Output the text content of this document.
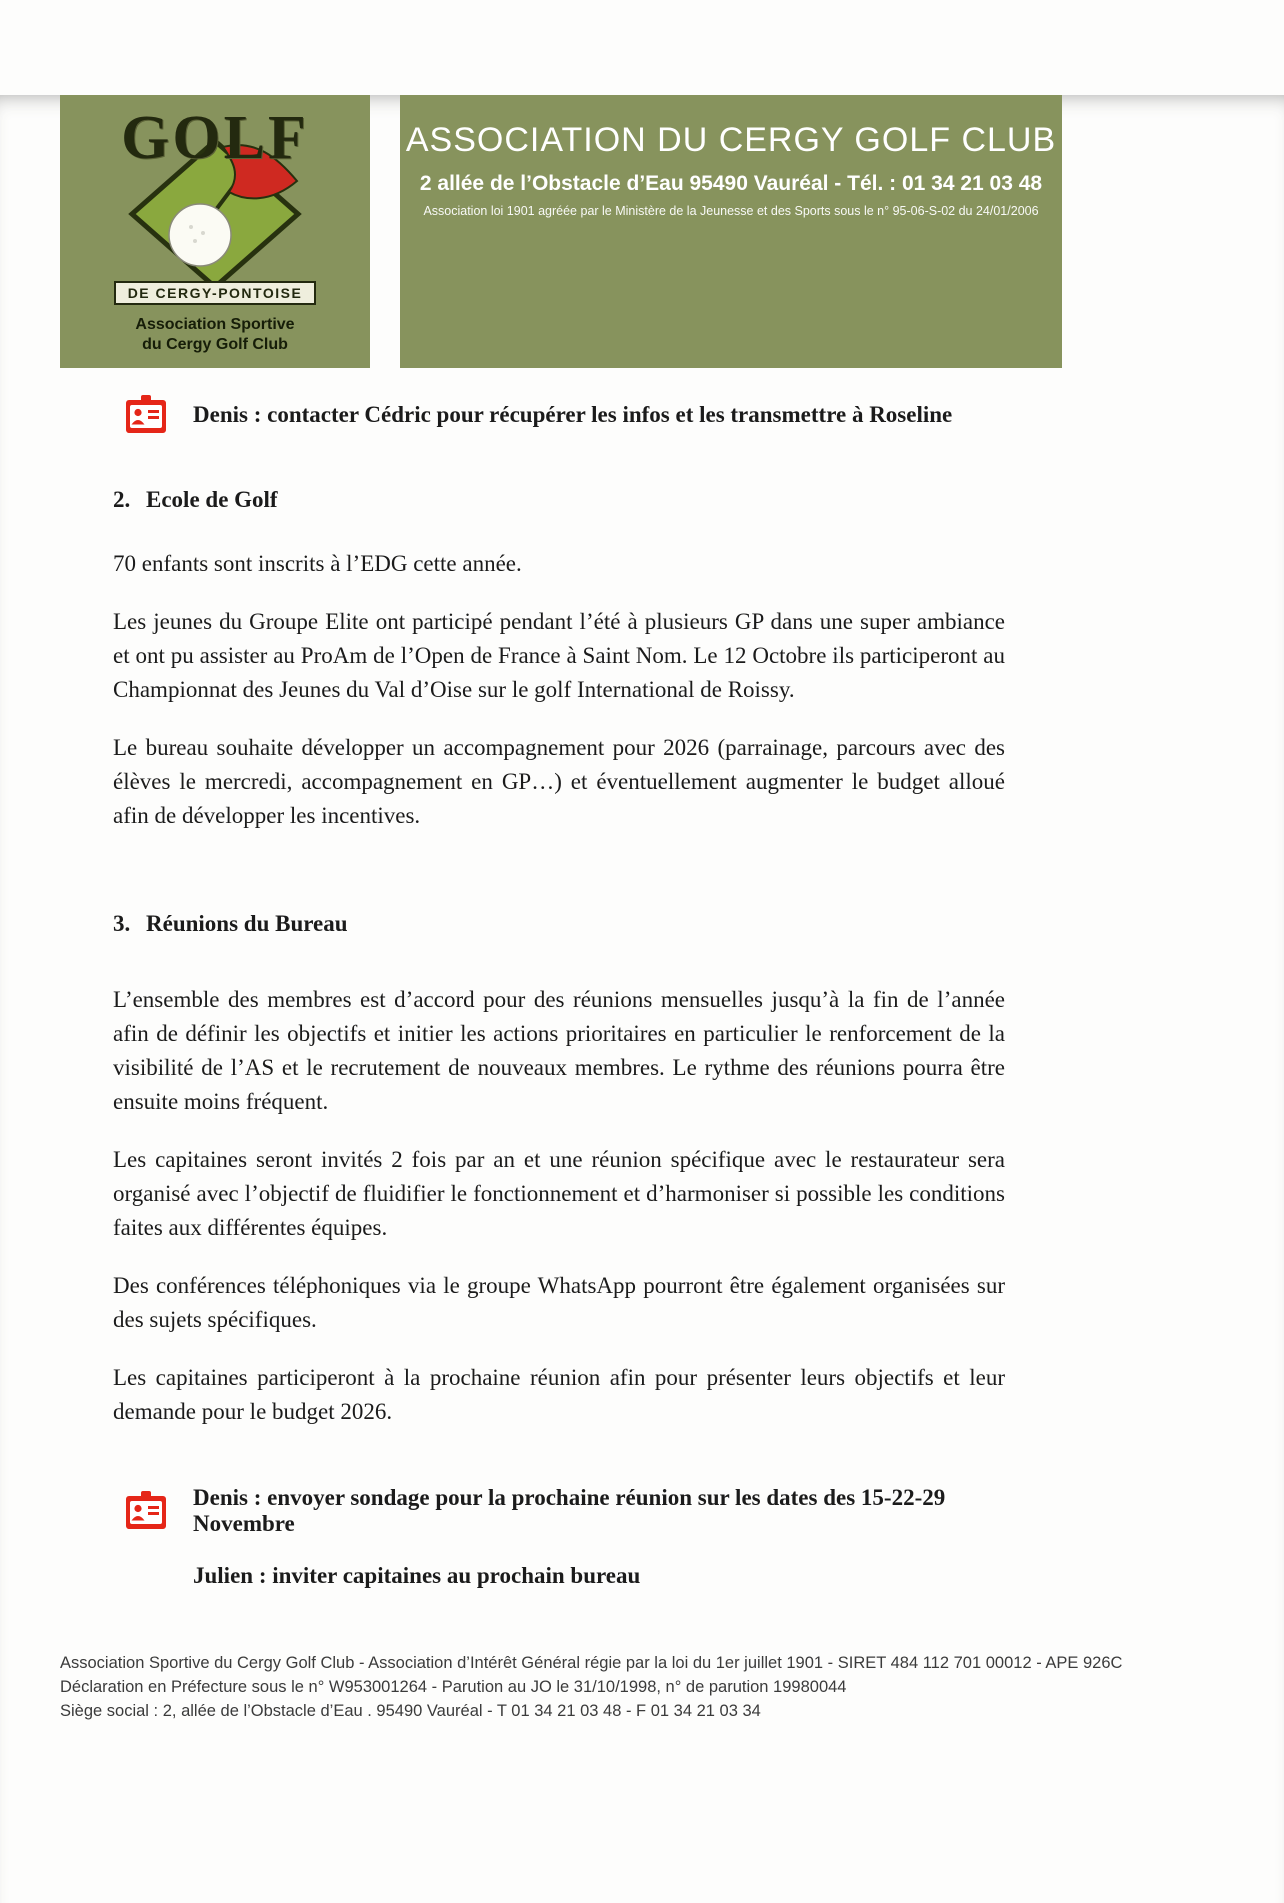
GOLF
DE CERGY-PONTOISE
Association Sportive
du Cergy Golf Club
ASSOCIATION DU CERGY GOLF CLUB
2 allée de l’Obstacle d’Eau 95490 Vauréal - Tél. : 01 34 21 03 48
Association loi 1901 agréée par le Ministère de la Jeunesse et des Sports sous le n° 95-06-S-02 du 24/01/2006
Denis : contacter Cédric pour récupérer les infos et les transmettre à Roseline
2. Ecole de Golf

70 enfants sont inscrits à l’EDG cette année.

Les jeunes du Groupe Elite ont participé pendant l’été à plusieurs GP dans une super ambiance et ont pu assister au ProAm de l’Open de France à Saint Nom. Le 12 Octobre ils participeront au Championnat des Jeunes du Val d’Oise sur le golf International de Roissy.

Le bureau souhaite développer un accompagnement pour 2026 (parrainage, parcours avec des élèves le mercredi, accompagnement en GP…) et éventuellement augmenter le budget alloué afin de développer les incentives.

3. Réunions du Bureau

L’ensemble des membres est d’accord pour des réunions mensuelles jusqu’à la fin de l’année afin de définir les objectifs et initier les actions prioritaires en particulier le renforcement de la visibilité de l’AS et le recrutement de nouveaux membres. Le rythme des réunions pourra être ensuite moins fréquent.

Les capitaines seront invités 2 fois par an et une réunion spécifique avec le restaurateur sera organisé avec l’objectif de fluidifier le fonctionnement et d’harmoniser si possible les conditions faites aux différentes équipes.

Des conférences téléphoniques via le groupe WhatsApp pourront être également organisées sur des sujets spécifiques.

Les capitaines participeront à la prochaine réunion afin pour présenter leurs objectifs et leur demande pour le budget 2026.

Denis : envoyer sondage pour la prochaine réunion sur les dates des 15-22-29 Novembre
Julien : inviter capitaines au prochain bureau
Association Sportive du Cergy Golf Club - Association d’Intérêt Général régie par la loi du 1er juillet 1901 - SIRET 484 112 701 00012 - APE 926C
Déclaration en Préfecture sous le n° W953001264 - Parution au JO le 31/10/1998, n° de parution 19980044
Siège social : 2, allée de l’Obstacle d’Eau . 95490 Vauréal - T 01 34 21 03 48 - F 01 34 21 03 34
